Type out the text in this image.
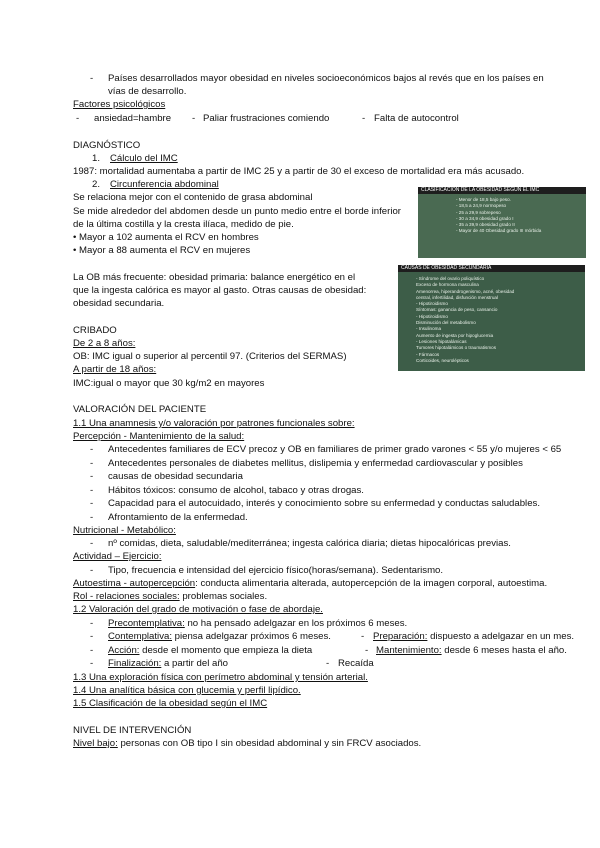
- Países desarrollados mayor obesidad en niveles socioeconómicos bajos al revés que en los países en
vías de desarrollo.
Factores psicológicos
- ansiedad=hambre - Paliar frustraciones comiendo	- Falta de autocontrol
DIAGNÓSTICO
1. Cálculo del IMC
1987: mortalidad aumentaba a partir de IMC 25 y a partir de 30 el exceso de mortalidad era más acusado.
2. Circunferencia abdominal
Se relaciona mejor con el contenido de grasa abdominal
Se mide alrededor del abdomen desde un punto medio entre el borde inferior
de la última costilla y la cresta ilíaca, medido de pie.
• Mayor a 102 aumenta el RCV en hombres
• Mayor a 88 aumenta el RCV en mujeres
La OB más frecuente: obesidad primaria: balance energético en el
que la ingesta calórica es mayor al gasto. Otras causas de obesidad:
obesidad secundaria.
CLASIFICACIÓN DE LA OBESIDAD SEGÚN EL IMC
- Menor de 18,5 bajo peso.
- 18,5 a 24,9 normopeso
- 25 a 29,9 sobrepeso
- 30 a 34,9 obesidad grado I
- 35 a 39,9 obesidad grado II
- Mayor de 40 Obesidad grado III mórbida
CAUSAS DE OBESIDAD SECUNDARIA
- Síndrome del ovario poliquístico
Exceso de hormona masculina
Amenorrea, hiperandrogenismo, acné, obesidad
central, infertilidad, disfunción menstrual
- Hipotiroidismo
Síntomas: ganancia de peso, cansancio
- Hipotiroidismo
Disminución del metabolismo
- Insulinoma
Aumento de ingesta por hipoglucemia
- Lesiones hipotalámicas
Tumores hipotalámicos o traumatismos
- Fármacos
Corticoides, neurolépticos
CRIBADO
De 2 a 8 años:
OB: IMC igual o superior al percentil 97. (Criterios del SERMAS)
A partir de 18 años:
IMC:igual o mayor que 30 kg/m2 en mayores
VALORACIÓN DEL PACIENTE
1.1 Una anamnesis y/o valoración por patrones funcionales sobre:
Percepción - Mantenimiento de la salud:
- Antecedentes familiares de ECV precoz y OB en familiares de primer grado varones < 55 y/o mujeres < 65
- Antecedentes personales de diabetes mellitus, dislipemia y enfermedad cardiovascular y posibles
- causas de obesidad secundaria
- Hábitos tóxicos: consumo de alcohol, tabaco y otras drogas.
- Capacidad para el autocuidado, interés y conocimiento sobre su enfermedad y conductas saludables.
- Afrontamiento de la enfermedad.
Nutricional - Metabólico:
- nº comidas, dieta, saludable/mediterránea; ingesta calórica diaria; dietas hipocalóricas previas.
Actividad – Ejercicio:
- Tipo, frecuencia e intensidad del ejercicio físico(horas/semana). Sedentarismo.
Autoestima - autopercepción: conducta alimentaria alterada, autopercepción de la imagen corporal, autoestima.
Rol - relaciones sociales: problemas sociales.
1.2 Valoración del grado de motivación o fase de abordaje.
- Precontemplativa: no ha pensado adelgazar en los próximos 6 meses.
- Contemplativa: piensa adelgazar próximos 6 meses.	- Preparación: dispuesto a adelgazar en un mes.
- Acción: desde el momento que empieza la dieta	- Mantenimiento: desde 6 meses hasta el año.
- Finalización: a partir del año	- Recaída
1.3 Una exploración física con perímetro abdominal y tensión arterial.
1.4 Una analítica básica con glucemia y perfil lipídico.
1.5 Clasificación de la obesidad según el IMC
NIVEL DE INTERVENCIÓN
Nivel bajo: personas con OB tipo I sin obesidad abdominal y sin FRCV asociados.
